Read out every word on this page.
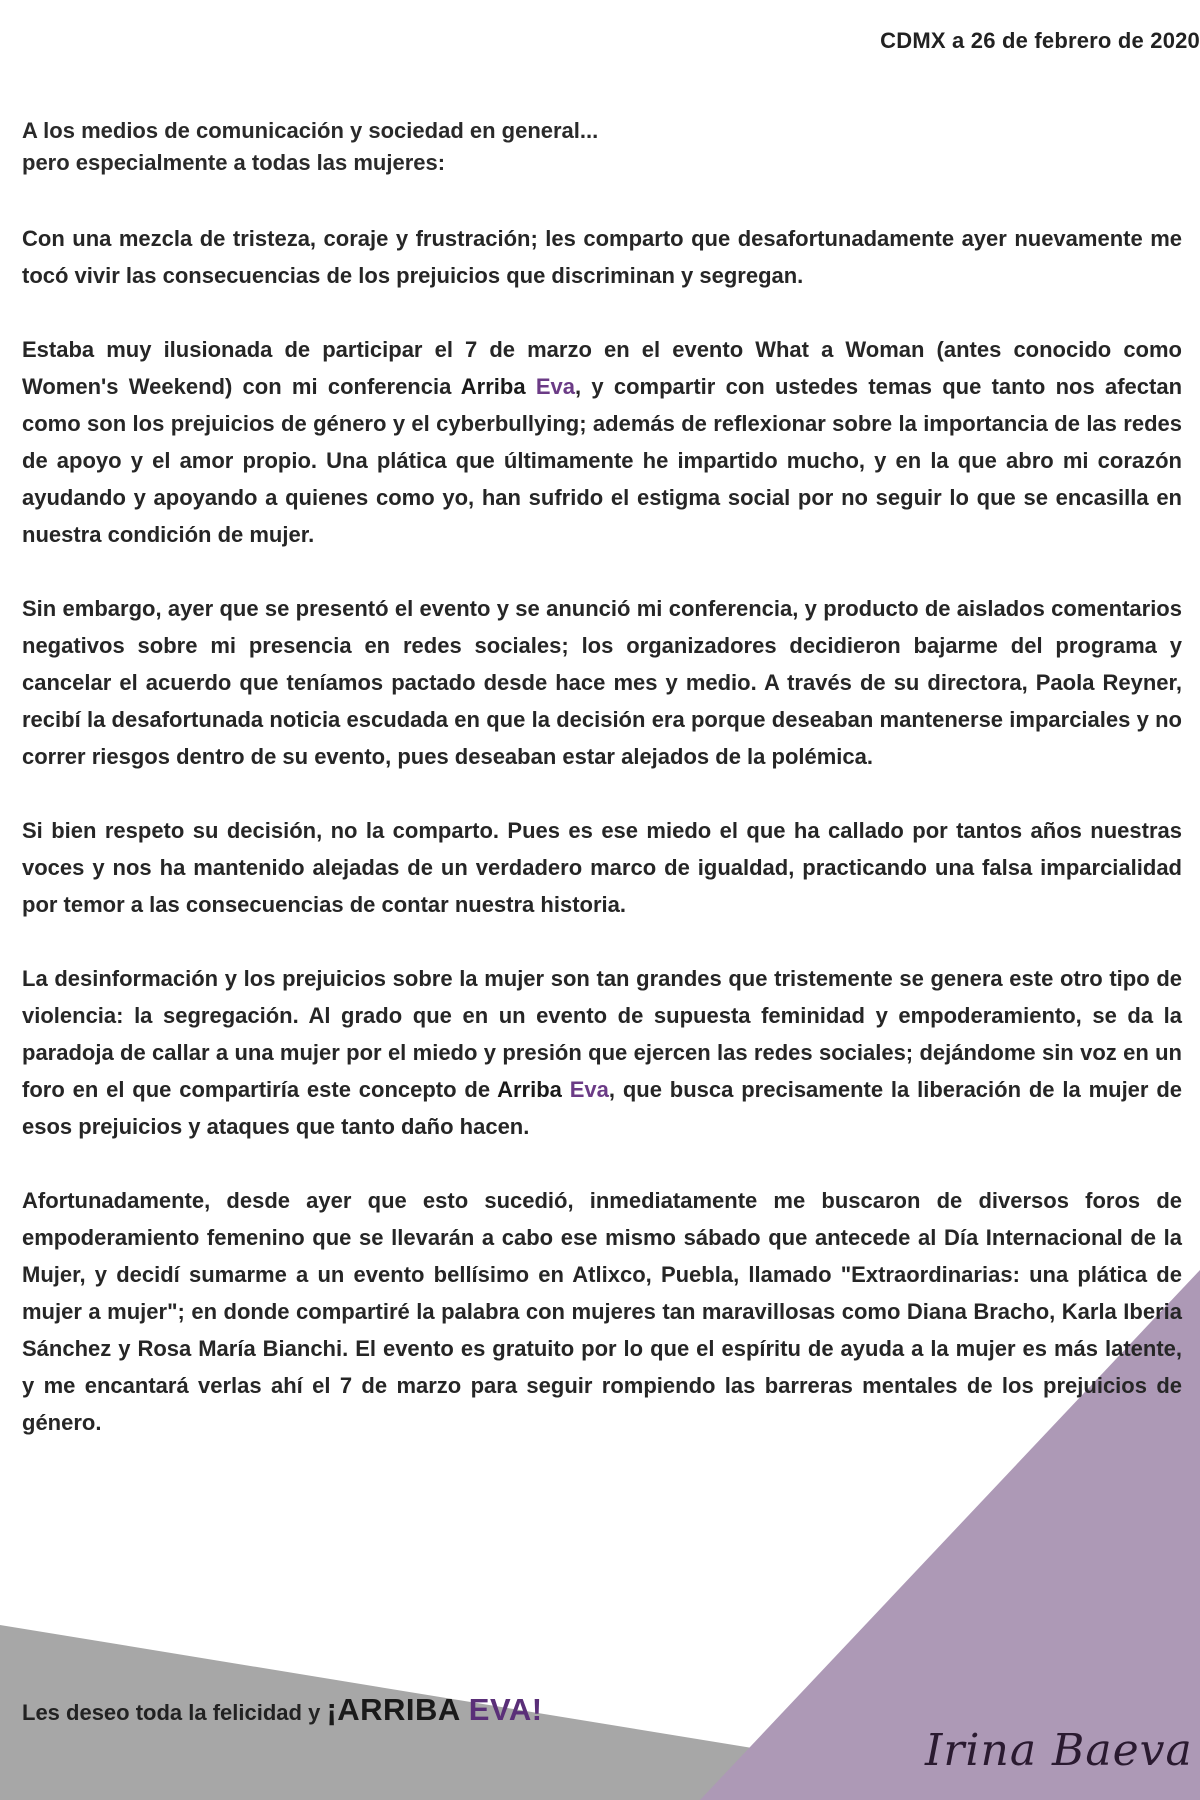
CDMX a 26 de febrero de 2020
A los medios de comunicación y sociedad en general...
pero especialmente a todas las mujeres:

Con una mezcla de tristeza, coraje y frustración; les comparto que desafortunadamente ayer nuevamente me tocó vivir las consecuencias de los prejuicios que discriminan y segregan.

Estaba muy ilusionada de participar el 7 de marzo en el evento What a Woman (antes conocido como Women's Weekend) con mi conferencia Arriba Eva, y compartir con ustedes temas que tanto nos afectan como son los prejuicios de género y el cyberbullying; además de reflexionar sobre la importancia de las redes de apoyo y el amor propio. Una plática que últimamente he impartido mucho, y en la que abro mi corazón ayudando y apoyando a quienes como yo, han sufrido el estigma social por no seguir lo que se encasilla en nuestra condición de mujer.

Sin embargo, ayer que se presentó el evento y se anunció mi conferencia, y producto de aislados comentarios negativos sobre mi presencia en redes sociales; los organizadores decidieron bajarme del programa y cancelar el acuerdo que teníamos pactado desde hace mes y medio. A través de su directora, Paola Reyner, recibí la desafortunada noticia escudada en que la decisión era porque deseaban mantenerse imparciales y no correr riesgos dentro de su evento, pues deseaban estar alejados de la polémica.

Si bien respeto su decisión, no la comparto. Pues es ese miedo el que ha callado por tantos años nuestras voces y nos ha mantenido alejadas de un verdadero marco de igualdad, practicando una falsa imparcialidad por temor a las consecuencias de contar nuestra historia.

La desinformación y los prejuicios sobre la mujer son tan grandes que tristemente se genera este otro tipo de violencia: la segregación. Al grado que en un evento de supuesta feminidad y empoderamiento, se da la paradoja de callar a una mujer por el miedo y presión que ejercen las redes sociales; dejándome sin voz en un foro en el que compartiría este concepto de Arriba Eva, que busca precisamente la liberación de la mujer de esos prejuicios y ataques que tanto daño hacen.

Afortunadamente, desde ayer que esto sucedió, inmediatamente me buscaron de diversos foros de empoderamiento femenino que se llevarán a cabo ese mismo sábado que antecede al Día Internacional de la Mujer, y decidí sumarme a un evento bellísimo en Atlixco, Puebla, llamado "Extraordinarias: una plática de mujer a mujer"; en donde compartiré la palabra con mujeres tan maravillosas como Diana Bracho, Karla Iberia Sánchez y Rosa María Bianchi. El evento es gratuito por lo que el espíritu de ayuda a la mujer es más latente, y me encantará verlas ahí el 7 de marzo para seguir rompiendo las barreras mentales de los prejuicios de género.

Les deseo toda la felicidad y ¡ARRIBA EVA!
Irina Baeva
